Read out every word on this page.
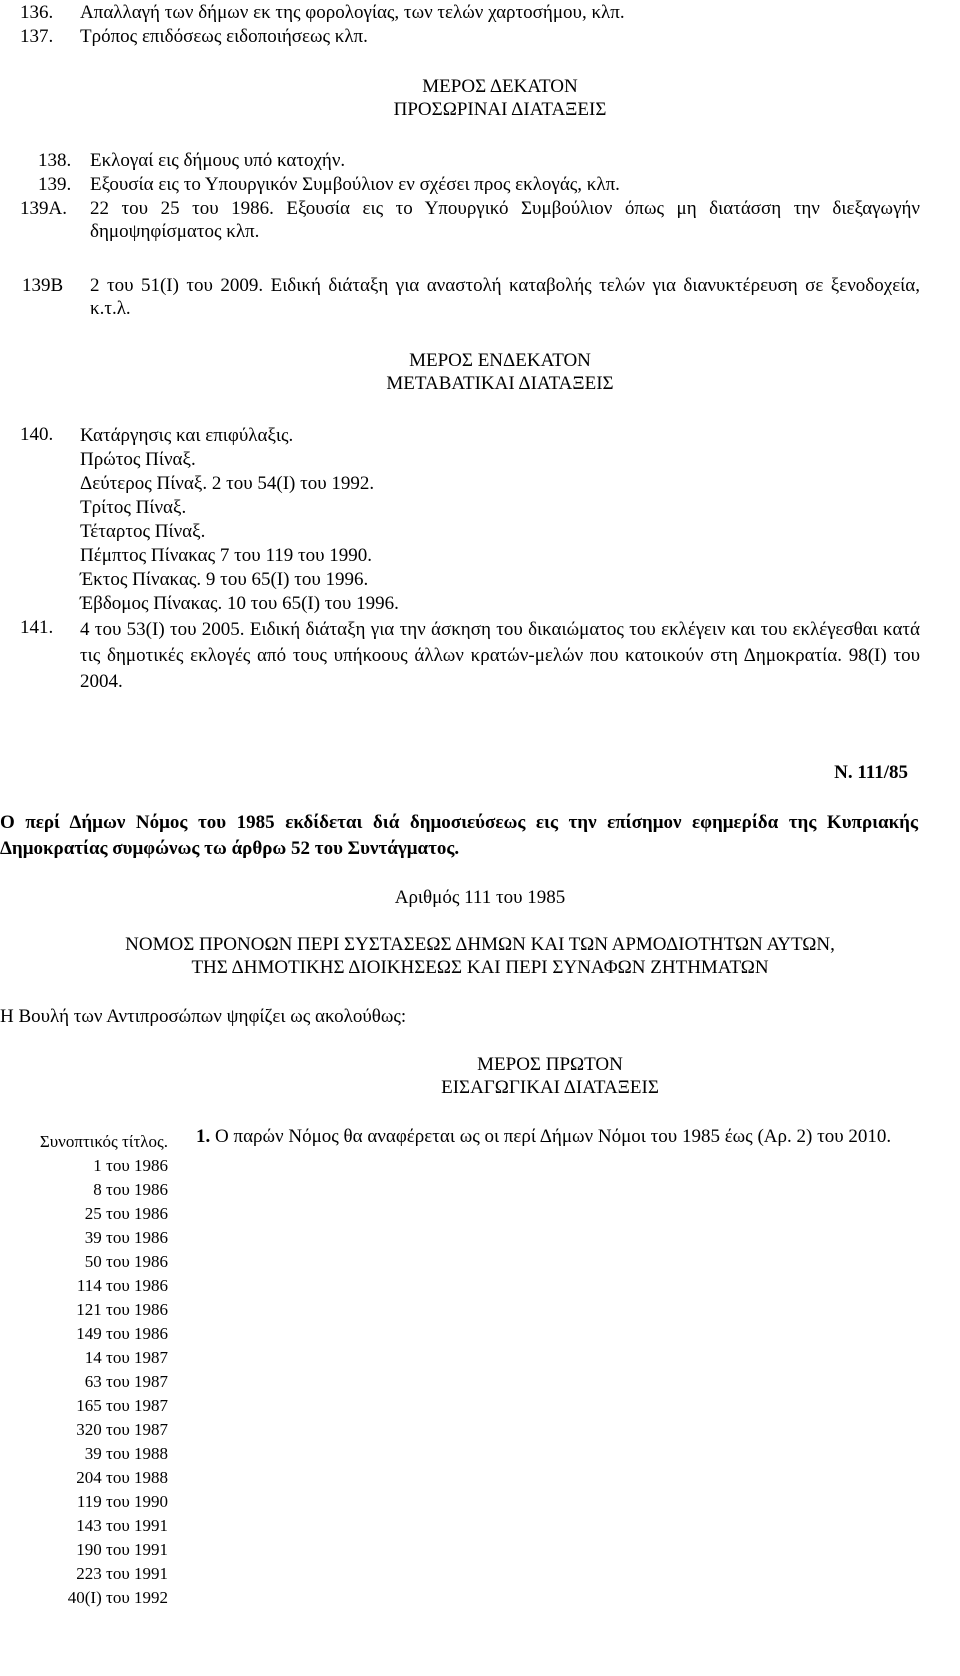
136. Απαλλαγή των δήμων εκ της φορολογίας, των τελών χαρτοσήμου, κλπ.
137. Τρόπος επιδόσεως ειδοποιήσεως κλπ.
ΜΕΡΟΣ ΔΕΚΑΤΟΝ
ΠΡΟΣΩΡΙΝΑΙ ΔΙΑΤΑΞΕΙΣ
138. Εκλογαί εις δήμους υπό κατοχήν.
139. Εξουσία εις το Υπουργικόν Συμβούλιον εν σχέσει προς εκλογάς, κλπ.
139Α. 22 του 25 του 1986. Εξουσία εις το Υπουργικό Συμβούλιον όπως μη διατάσση την διεξαγωγήν δημοψηφίσματος κλπ.
139Β 2 του 51(Ι) του 2009. Ειδική διάταξη για αναστολή καταβολής τελών για διανυκτέρευση σε ξενοδοχεία, κ.τ.λ.
ΜΕΡΟΣ ΕΝΔΕΚΑΤΟΝ
ΜΕΤΑΒΑΤΙΚΑΙ ΔΙΑΤΑΞΕΙΣ
140. Κατάργησις και επιφύλαξις.
Πρώτος Πίναξ.
Δεύτερος Πίναξ. 2 του 54(Ι) του 1992.
Τρίτος Πίναξ.
Τέταρτος Πίναξ.
Πέμπτος Πίνακας 7 του 119 του 1990.
Έκτος Πίνακας. 9 του 65(Ι) του 1996.
Έβδομος Πίνακας. 10 του 65(Ι) του 1996.
141. 4 του 53(Ι) του 2005. Ειδική διάταξη για την άσκηση του δικαιώματος του εκλέγειν και του εκλέγεσθαι κατά τις δημοτικές εκλογές από τους υπήκοους άλλων κρατών-μελών που κατοικούν στη Δημοκρατία. 98(Ι) του 2004.
Ν. 111/85
Ο περί Δήμων Νόμος του 1985 εκδίδεται διά δημοσιεύσεως εις την επίσημον εφημερίδα της Κυπριακής Δημοκρατίας συμφώνως τω άρθρω 52 του Συντάγματος.
Αριθμός 111 του 1985
ΝΟΜΟΣ ΠΡΟΝΟΩΝ ΠΕΡΙ ΣΥΣΤΑΣΕΩΣ ΔΗΜΩΝ ΚΑΙ ΤΩΝ ΑΡΜΟΔΙΟΤΗΤΩΝ ΑΥΤΩΝ,
ΤΗΣ ΔΗΜΟΤΙΚΗΣ ΔΙΟΙΚΗΣΕΩΣ ΚΑΙ ΠΕΡΙ ΣΥΝΑΦΩΝ ΖΗΤΗΜΑΤΩΝ
Η Βουλή των Αντιπροσώπων ψηφίζει ως ακολούθως:
ΜΕΡΟΣ ΠΡΩΤΟΝ
ΕΙΣΑΓΩΓΙΚΑΙ ΔΙΑΤΑΞΕΙΣ
Συνοπτικός τίτλος.
1 του 1986
8 του 1986
25 του 1986
39 του 1986
50 του 1986
114 του 1986
121 του 1986
149 του 1986
14 του 1987
63 του 1987
165 του 1987
320 του 1987
39 του 1988
204 του 1988
119 του 1990
143 του 1991
190 του 1991
223 του 1991
40(Ι) του 1992
1. Ο παρών Νόμος θα αναφέρεται ως οι περί Δήμων Νόμοι του 1985 έως (Αρ. 2) του 2010.
